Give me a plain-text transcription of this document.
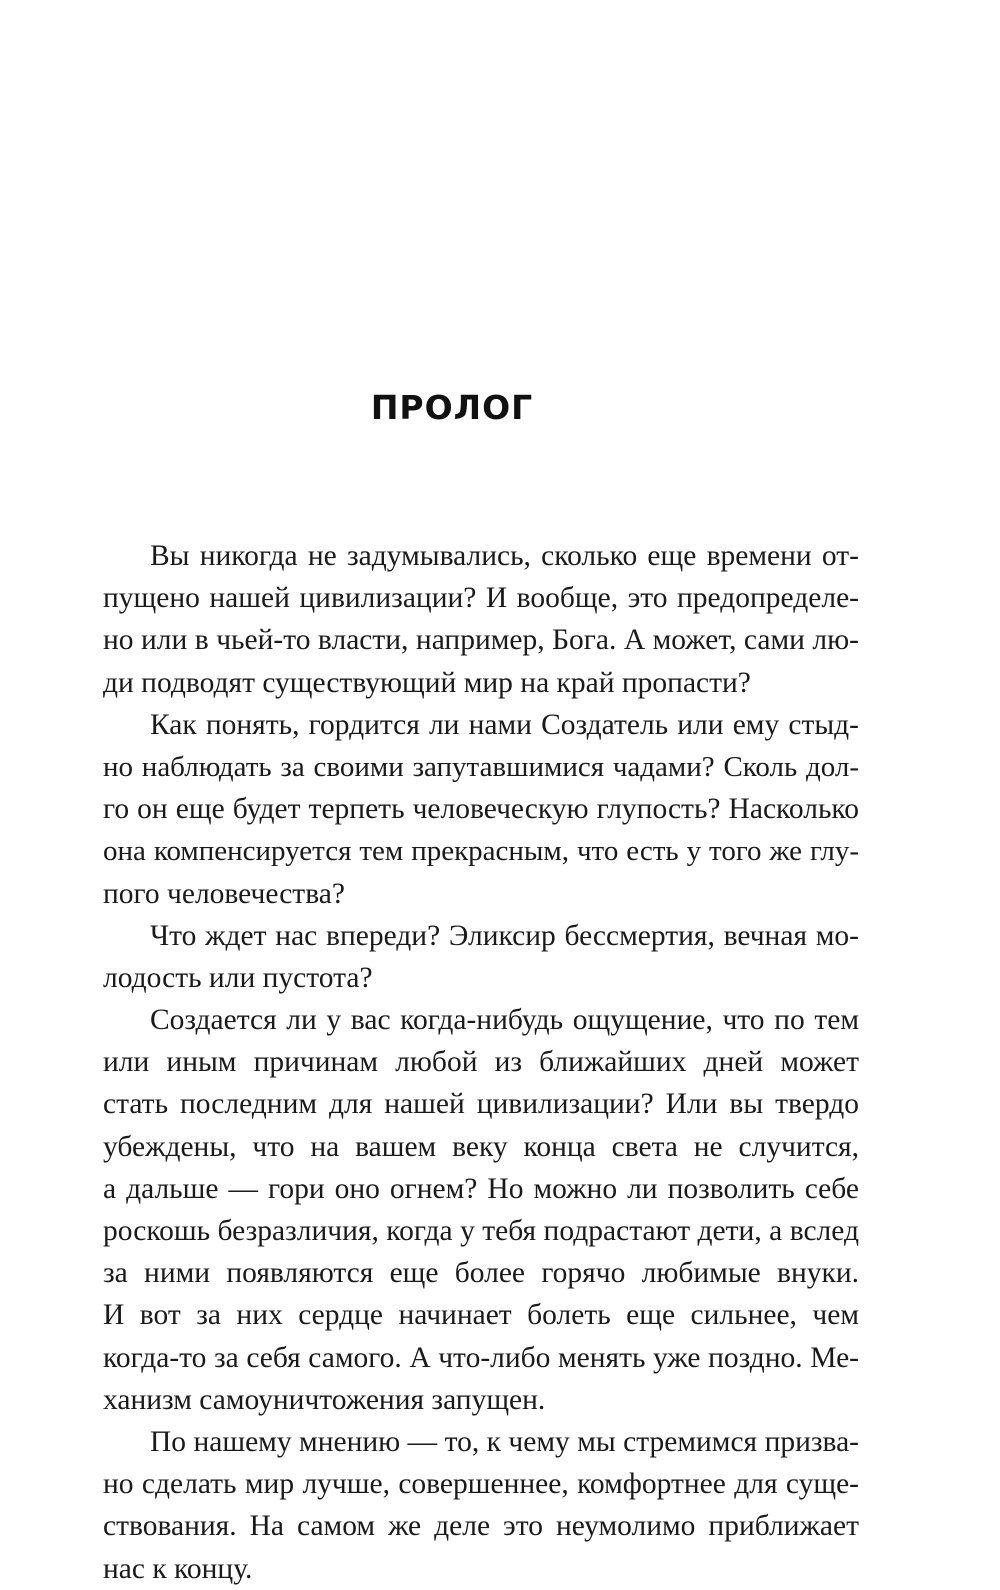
ПРОЛОГ
Вы никогда не задумывались, сколько еще времени от-
пущено нашей цивилизации? И вообще, это предопределе-
но или в чьей-то власти, например, Бога. А может, сами лю-
ди подводят существующий мир на край пропасти?
Как понять, гордится ли нами Создатель или ему стыд-
но наблюдать за своими запутавшимися чадами? Сколь дол-
го он еще будет терпеть человеческую глупость? Насколько
она компенсируется тем прекрасным, что есть у того же глу-
пого человечества?
Что ждет нас впереди? Эликсир бессмертия, вечная мо-
лодость или пустота?
Создается ли у вас когда-нибудь ощущение, что по тем
или иным причинам любой из ближайших дней может
стать последним для нашей цивилизации? Или вы твердо
убеждены, что на вашем веку конца света не случится,
а дальше — гори оно огнем? Но можно ли позволить себе
роскошь безразличия, когда у тебя подрастают дети, а вслед
за ними появляются еще более горячо любимые внуки.
И вот за них сердце начинает болеть еще сильнее, чем
когда-то за себя самого. А что-либо менять уже поздно. Ме-
ханизм самоуничтожения запущен.
По нашему мнению — то, к чему мы стремимся призва-
но сделать мир лучше, совершеннее, комфортнее для суще-
ствования. На самом же деле это неумолимо приближает
нас к концу.
